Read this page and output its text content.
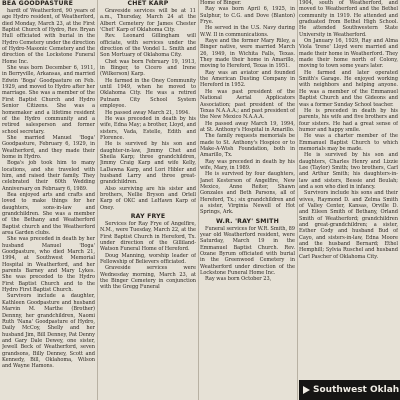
BEA GOODPASTURE

hardt of Weatherford, 90 years of age Hydro resident, of Weatherford, died Monday, March 23, at the First Baptist Church of Hydro, Rev. Bryan Hull officiated with burial in the Hydro Cemetery under the direction of Hydro-Masonic Cemetery and the direction of the Lockstone Funeral Home Inc.

She was born December 6, 1911, in Berryville, Arkansas, and married Edwin 'Boga' Goodpasture on Feb. 1929, and moved to Hydro after her marriage. She was a member of the First Baptist Church and Hydro Senior Citizens. She was a homemaker and a lifetime resident of the Hydro community and a retired salesperson and former school secretary.

She married Manuel 'Boga' Goodpasture, February 6, 1929, in Weatherford, and they made their home in Hydro.

Boga's job took him to many locations, and she traveled with him, and raised their family. They celebrated their 60th Wedding Anniversary on February 6, 1989.

Bea enjoyed arts and crafts and loved to make things for her daughters, sons-in-law and grandchildren. She was a member of the Bethany and Weatherford Baptist church and the Weatherford area Garden clubs.

She was preceded in death by her husband Manuel 'Boga' Goodpasture, who died March 21, 1994, at Southwest Memorial Hospital in Weatherford, and her parents Barney and Mary Lykes. She was preceded to the Hydro First Baptist Church and to the Hydro First Baptist Church.

Survivors include a daughter, Kathleen Goodpasture and husband Marvin M. Marthe (Brother) Dennny, her grandchildren, Naomi Ruth 'Nana' Goodpasture of Hydro, Daily McCoy, Shelly and her husband Jim, Bill Denney, Pat Denny and Gary Dale Dewey, one sister, Jewell Beck of Weatherford, seven grandsons, Billy Denney, Scott and Kennedy, Bill, Oklahoma, Wilson and Wayne Hamons.

CHET KARP

Graveside services will be at 11 a.m., Thursday, March 24 at the Albert Cemetery for James Chester 'Chet' Karp of Oklahoma City.

Rev. Leonard Gillingham will officiate, with services under the direction of the Vondel L. Smith and Son Mortuary of Oklahoma City.

Chet was born February 19, 1913, in Binger, to Cicero and Irene (Wilkerson) Karp.

He farmed in the Oney Community until 1949, when he moved to Oklahoma City. He was a retired Putnam City School System employee.

He passed away March 21, 1994.

He was preceded in death by his wife, Edna May; a brother, Lloyd, and sisters, Vada, Estelle, Edith and Florence.

He is survived by his son and daughter-in-law, Jimmy Chet and Sheila Karp; three grandchildren, Jimmy Craig Karp and wife Kelly, LaDawna Karp, and Lori Hibler and husband Larry and three great-grandchildren.

Also surviving are his sister and brothers, Nellie Bryson and Orlell Karp of OKC and LeHawn Karp of Oney.

RAY FRYE

Services for Ray Frye of Angelfire, N.M., were Tuesday, March 22, at the First Baptist Church in Hereford, Tx. under direction of the Gilliland-Watson Funeral Home of Hereford.

Doug Manning, worship leader of Fellowship of Believers officiated.

Graveside services were Wednesday morning, March 23, at the Binger Cemetery in conjunction with the Gregg Funeral

Home of Binger.

Ray was born April 6, 1925, in Sulphur, to C.G. and Dove (Blanton) Frye.

He served in the U.S. Navy during W.W. II in communications.

Raye and the former Mary Riley, a Binger native, were married March 26, 1949, in Wichita Falls, Texas. They made their home in Amarillo, moving to Hereford, Texas in 1951.

Ray was an aviator and founded the American Dusting Company in Hereford in 1952.

He was past president of the National Aerial Applicators Association; past president of the Texas N.A.A.A.; and past president of the New Mexico N.A.A.A.

He passed away March 19, 1994, at St. Anthony's Hospital in Amarillo.

The family requests memorials be made to St. Anthony's Hospice or to Make-A-Wish Foundation, both in Amarillo, Tx.

Ray was preceded in death by his wife, Mary, in 1989.

He is survived by four daughters, Janet Kesterson of Angelfire, New Mexico, Anne Reiter, Shawn Gonzales and Beth Parsons, all of Hereford, Tx.; six grandchildren and a sister, Virginia Newell of Hot Springs, Ark.

W.R. 'RAY' SMITH

Funeral services for W.R. Smith, 89 year old Weatherford resident, were Saturday, March 19 in the Emmanuel Baptist Church. Rev. Ozane Byrum officiated with burial in the Greenwood Cemetery in Weatherford under direction of the Lockstone Funeral Home Inc.

Ray was born October 23,

1904, south of Weatherford, and moved to Weatherford and the Bethel community in 1919. He attended and graduated from Bethel High School. He attended Southwestern State University in Weatherford.

On January 16, 1929, Ray and Alma Viola 'Irene' Lloyd were married and made their home in Weatherford. They made their home north of Colony, moving to town some years later.

He farmed and later operated Smith's Garage. He enjoyed working with neighbors and helping anyone. He was a member of the Emmanuel Baptist Church and the Gideons and was a former Sunday School teacher.

He is preceded in death by his parents, his wife and five brothers and four sisters. He had a great sense of humor and happy smile.

He was a charter member of the Emmanuel Baptist Church to which memorials may be made.

He is survived by his son and daughters, Charles Henry and Lizzie Lee (Taylor) Smith; two brothers, Carl and Arthur Smith; his daughters-in-law and sisters, Bessie and Beulah; and a son who died in infancy.

Survivors include his sons and their wives, Raymond D. and Zelma Smith of Valley Center, Kansas, Orville D. and Eileen Smith of Bethany, Orland Smith of Weatherford; grandchildren and great-grandchildren; a sister, Esther Cody and husband Bud of Cayo, and sisters-in-law, Edna Moore and the husband Bernard; Ethel Hemphill; Sylvia Ruschel and husband Carl Pascher of Oklahoma City.

Southwest Oklah
